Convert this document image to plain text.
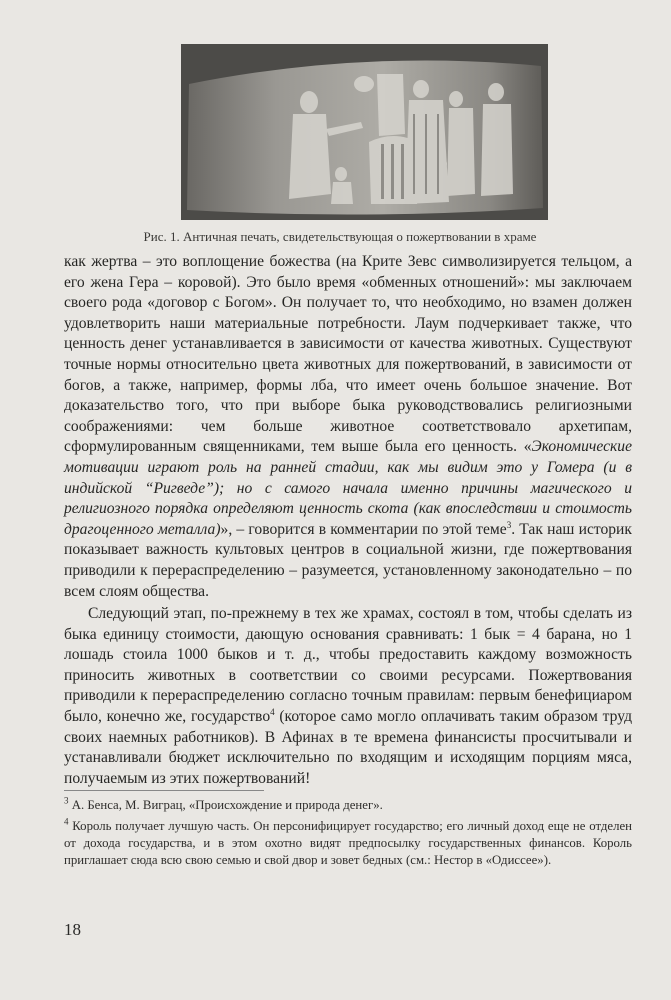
Рис. 1. Античная печать, свидетельствующая о пожертвовании в храме

как жертва – это воплощение божества (на Крите Зевс символизируется тельцом, а его жена Гера – коровой). Это было время «обменных отношений»: мы заключаем своего рода «договор с Богом». Он получает то, что необходимо, но взамен должен удовлетворить наши материальные потребности. Лаум подчеркивает также, что ценность денег устанавливается в зависимости от качества животных. Существуют точные нормы относительно цвета животных для пожертвований, в зависимости от богов, а также, например, формы лба, что имеет очень большое значение. Вот доказательство того, что при выборе быка руководствовались религиозными соображениями: чем больше животное соответствовало архетипам, сформулированным священниками, тем выше была его ценность. «Экономические мотивации играют роль на ранней стадии, как мы видим это у Гомера (и в индийской “Ригведе”); но с самого начала именно причины магического и религиозного порядка определяют ценность скота (как впоследствии и стоимость драгоценного металла)», – говорится в комментарии по этой теме$^3$. Так наш историк показывает важность культовых центров в социальной жизни, где пожертвования приводили к перераспределению – разумеется, установленному законодательно – по всем слоям общества.

Следующий этап, по-прежнему в тех же храмах, состоял в том, чтобы сделать из быка единицу стоимости, дающую основания сравнивать: 1 бык = 4 барана, но 1 лошадь стоила 1000 быков и т. д., чтобы предоставить каждому возможность приносить животных в соответствии со своими ресурсами. Пожертвования приводили к перераспределению согласно точным правилам: первым бенефициаром было, конечно же, государство$^4$ (которое само могло оплачивать таким образом труд своих наемных работников). В Афинах в те времена финансисты просчитывали и устанавливали бюджет исключительно по входящим и исходящим порциям мяса, получаемым из этих пожертвований!

$^3$ А. Бенса, М. Виграц, «Происхождение и природа денег».

$^4$ Король получает лучшую часть. Он персонифицирует государство; его личный доход еще не отделен от дохода государства, и в этом охотно видят предпосылку государственных финансов. Король приглашает сюда всю свою семью и свой двор и зовет бедных (см.: Нестор в «Одиссее»).

18
